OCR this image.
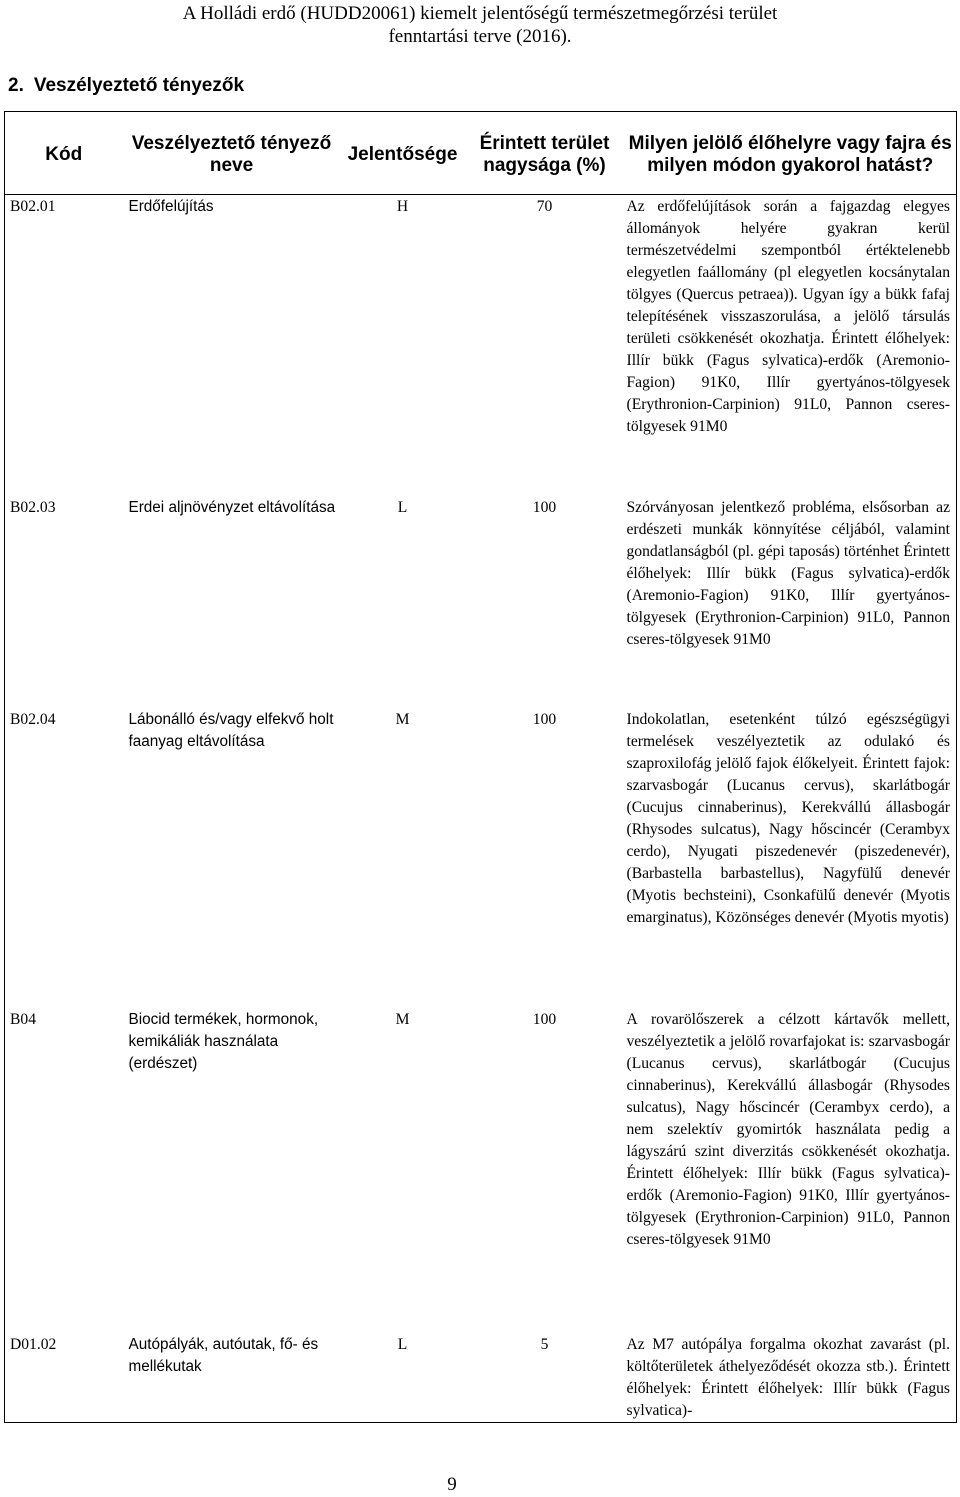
A Holládi erdő (HUDD20061) kiemelt jelentőségű természetmegőrzési terület
fenntartási terve (2016).
2. Veszélyeztető tényezők
Kód	Veszélyeztető tényező neve	Jelentősége	Érintett terület nagysága (%)	Milyen jelölő élőhelyre vagy fajra és milyen módon gyakorol hatást?
B02.01	Erdőfelújítás	H	70	Az erdőfelújítások során a fajgazdag elegyes állományok helyére gyakran kerül természetvédelmi szempontból értéktelenebb elegyetlen faállomány (pl elegyetlen kocsánytalan tölgyes (Quercus petraea)). Ugyan így a bükk fafaj telepítésének visszaszorulása, a jelölő társulás területi csökkenését okozhatja. Érintett élőhelyek: Illír bükk (Fagus sylvatica)-erdők (Aremonio-Fagion) 91K0, Illír gyertyános-tölgyesek (Erythronion-Carpinion) 91L0, Pannon cseres-tölgyesek 91M0
B02.03	Erdei aljnövényzet eltávolítása	L	100	Szórványosan jelentkező probléma, elsősorban az erdészeti munkák könnyítése céljából, valamint gondatlanságból (pl. gépi taposás) történhet Érintett élőhelyek: Illír bükk (Fagus sylvatica)-erdők (Aremonio-Fagion) 91K0, Illír gyertyános-tölgyesek (Erythronion-Carpinion) 91L0, Pannon cseres-tölgyesek 91M0
B02.04	Lábonálló és/vagy elfekvő holt faanyag eltávolítása	M	100	Indokolatlan, esetenként túlzó egészségügyi termelések veszélyeztetik az odulakó és szaproxilofág jelölő fajok élőkelyeit. Érintett fajok: szarvasbogár (Lucanus cervus), skarlátbogár (Cucujus cinnaberinus), Kerekvállú állasbogár (Rhysodes sulcatus), Nagy hőscincér (Cerambyx cerdo), Nyugati piszedenevér (piszedenevér), (Barbastella barbastellus), Nagyfülű denevér (Myotis bechsteini), Csonkafülű denevér (Myotis emarginatus), Közönséges denevér (Myotis myotis)
B04	Biocid termékek, hormonok, kemikáliák használata (erdészet)	M	100	A rovarölőszerek a célzott kártavők mellett, veszélyeztetik a jelölő rovarfajokat is: szarvasbogár (Lucanus cervus), skarlátbogár (Cucujus cinnaberinus), Kerekvállú állasbogár (Rhysodes sulcatus), Nagy hőscincér (Cerambyx cerdo), a nem szelektív gyomirtók használata pedig a lágyszárú szint diverzitás csökkenését okozhatja. Érintett élőhelyek: Illír bükk (Fagus sylvatica)-erdők (Aremonio-Fagion) 91K0, Illír gyertyános-tölgyesek (Erythronion-Carpinion) 91L0, Pannon cseres-tölgyesek 91M0
D01.02	Autópályák, autóutak, fő- és mellékutak	L	5	Az M7 autópálya forgalma okozhat zavarást (pl. költőterületek áthelyeződését okozza stb.). Érintett élőhelyek: Érintett élőhelyek: Illír bükk (Fagus sylvatica)-
9
